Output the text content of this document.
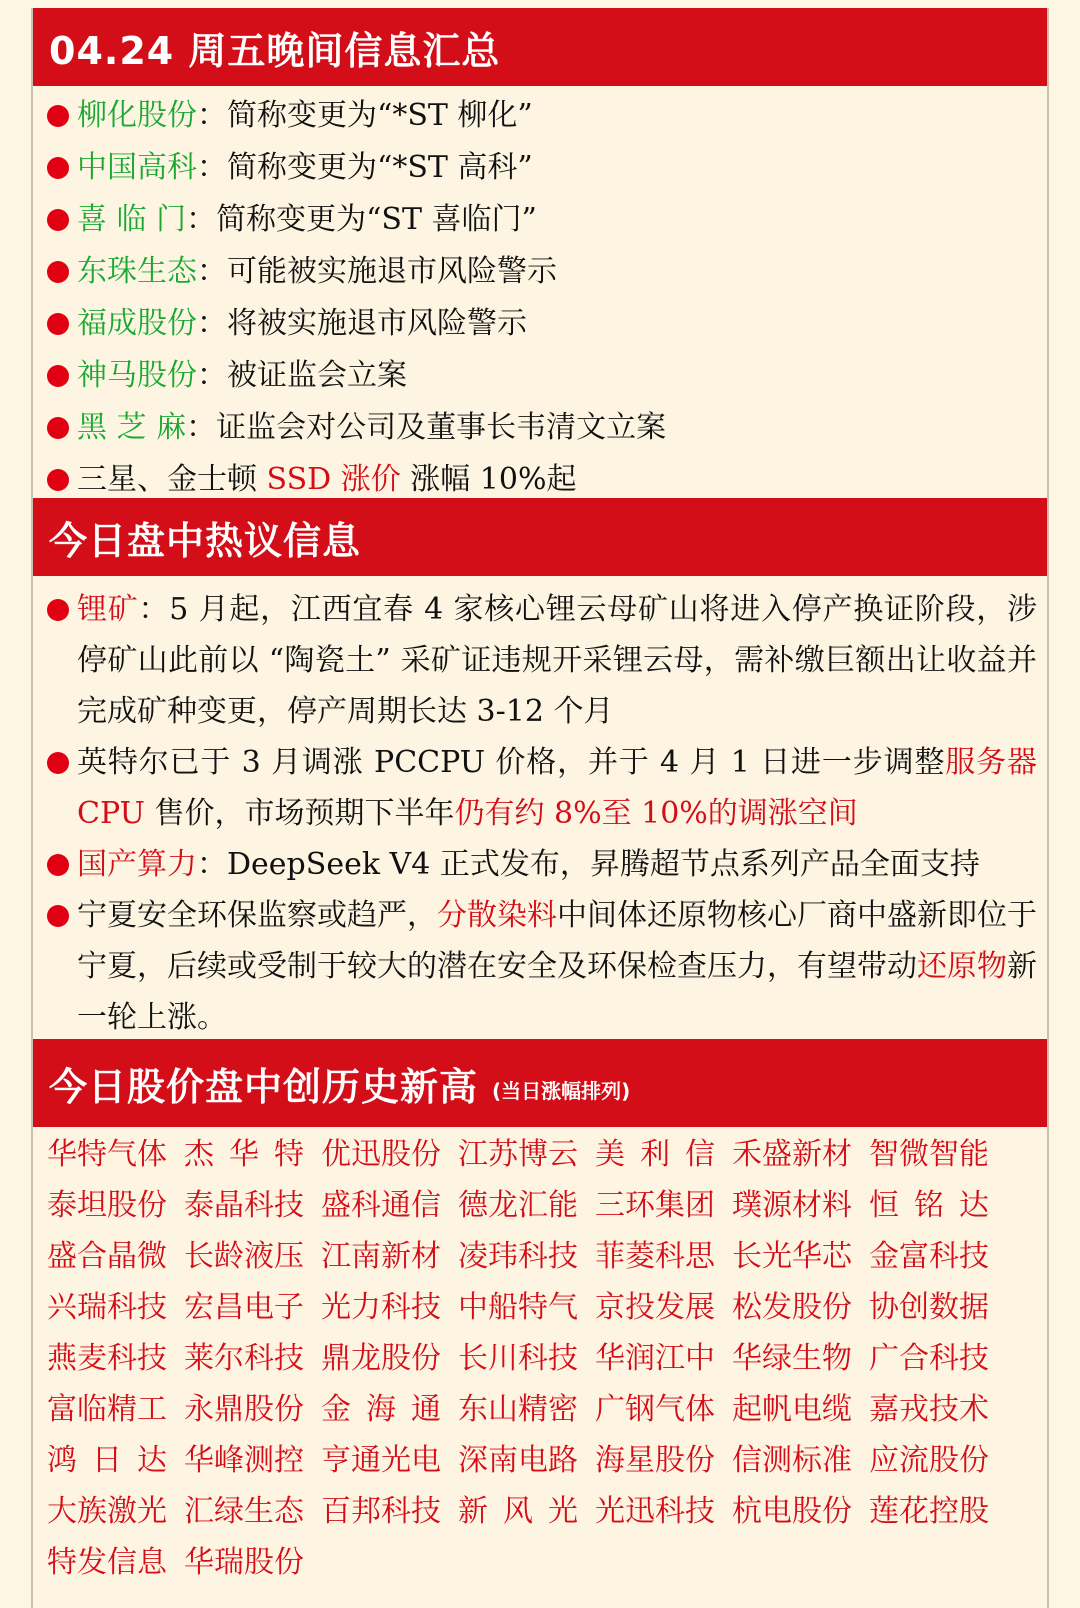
04.24 周五晚间信息汇总
柳化股份 ： 简称变更为“*ST 柳化”
中国高科 ： 简称变更为“*ST 高科”
喜 临 门 ： 简称变更为“ST 喜临门”
东珠生态 ： 可能被实施退市风险警示
福成股份 ： 将被实施退市风险警示
神马股份 ： 被证监会立案
黑 芝 麻 ： 证监会对公司及董事长韦清文立案
三星、金士顿 SSD 涨价 涨幅 10%起
今日盘中热议信息
锂矿：5 月起，江西宜春 4 家核心锂云母矿山将进入停产换证阶段，涉停矿山此前以 “陶瓷土” 采矿证违规开采锂云母，需补缴巨额出让收益并完成矿种变更，停产周期长达 3-12 个月
英特尔已于 3 月调涨 PCCPU 价格，并于 4 月 1 日进一步调整服务器 CPU 售价，市场预期下半年仍有约 8%至 10%的调涨空间
国产算力：DeepSeek V4 正式发布，昇腾超节点系列产品全面支持
宁夏安全环保监察或趋严，分散染料中间体还原物核心厂商中盛新即位于宁夏，后续或受制于较大的潜在安全及环保检查压力，有望带动还原物新一轮上涨。
今日股价盘中创历史新高 (当日涨幅排列)
华特气体 杰 华 特 优迅股份 江苏博云 美 利 信 禾盛新材 智微智能
泰坦股份 泰晶科技 盛科通信 德龙汇能 三环集团 璞源材料 恒 铭 达
盛合晶微 长龄液压 江南新材 凌玮科技 菲菱科思 长光华芯 金富科技
兴瑞科技 宏昌电子 光力科技 中船特气 京投发展 松发股份 协创数据
燕麦科技 莱尔科技 鼎龙股份 长川科技 华润江中 华绿生物 广合科技
富临精工 永鼎股份 金 海 通 东山精密 广钢气体 起帆电缆 嘉戎技术
鸿 日 达 华峰测控 亨通光电 深南电路 海星股份 信测标准 应流股份
大族激光 汇绿生态 百邦科技 新 风 光 光迅科技 杭电股份 莲花控股
特发信息 华瑞股份
